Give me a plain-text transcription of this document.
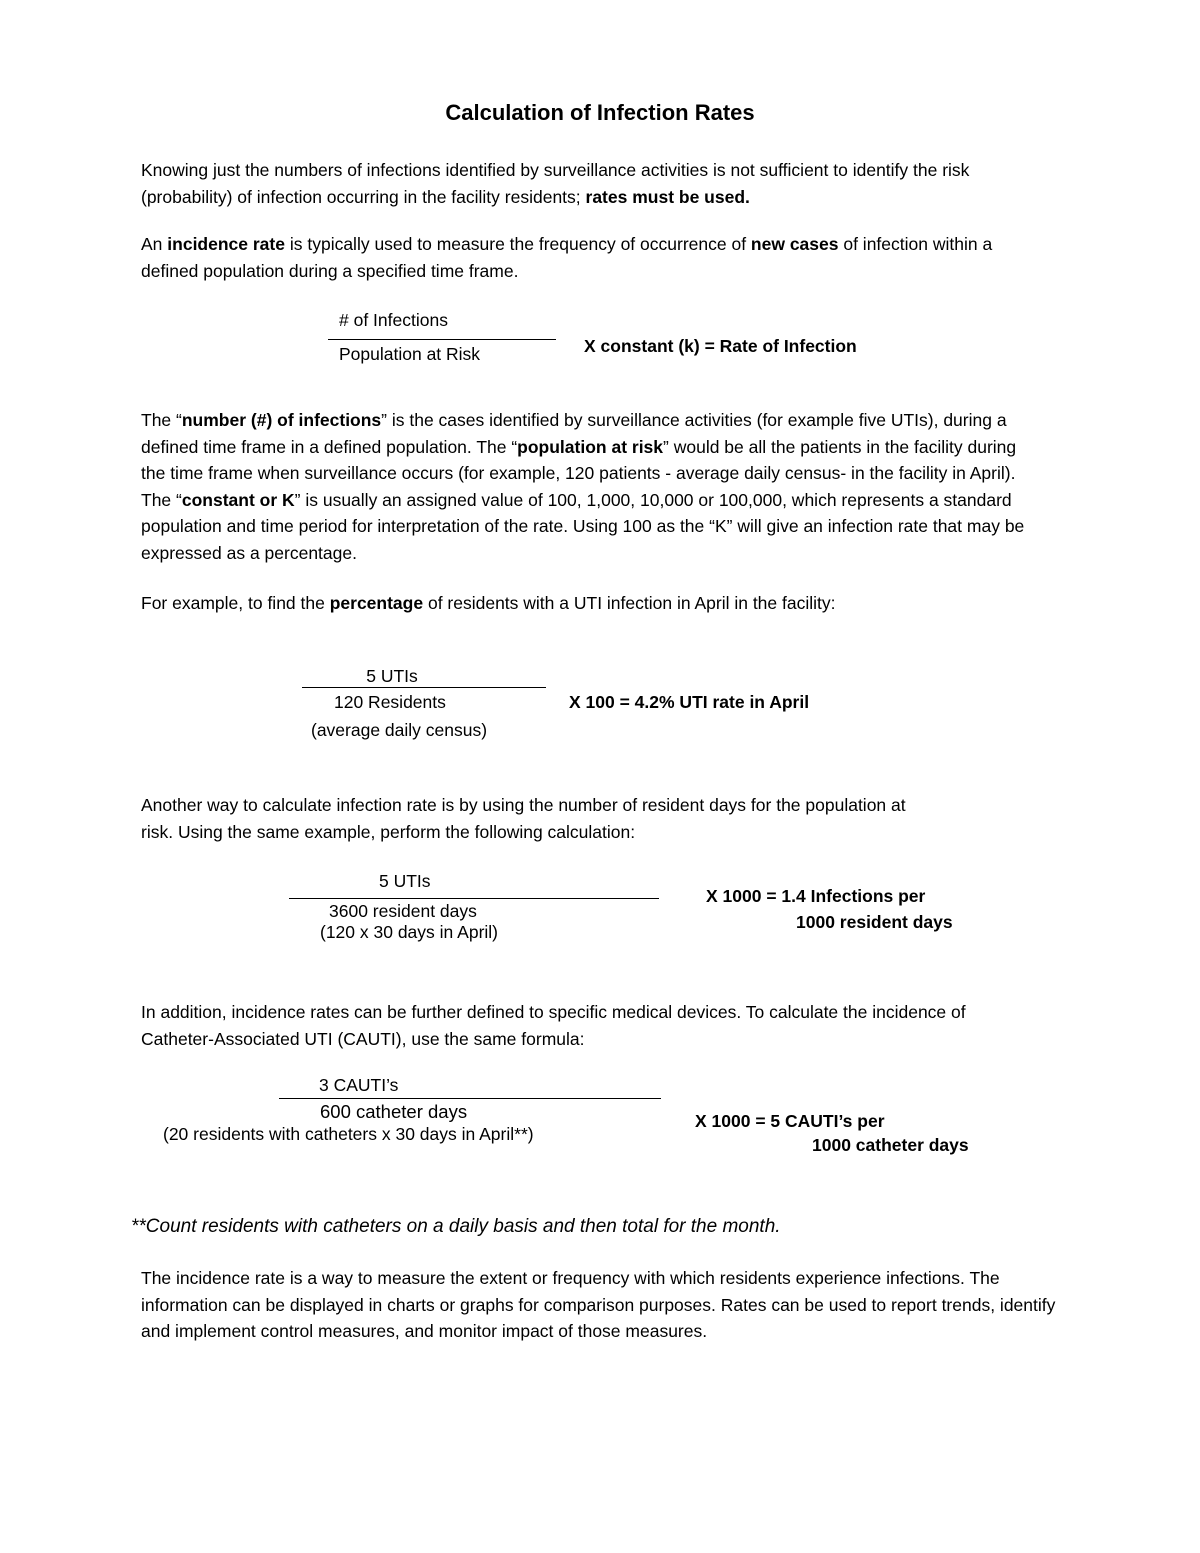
Calculation of Infection Rates
Knowing just the numbers of infections identified by surveillance activities is not sufficient to identify the risk (probability) of infection occurring in the facility residents; rates must be used.
An incidence rate is typically used to measure the frequency of occurrence of new cases of infection within a defined population during a specified time frame.
# of Infections
Population at Risk	X constant (k) = Rate of Infection
The “number (#) of infections” is the cases identified by surveillance activities (for example five UTIs), during a defined time frame in a defined population. The “population at risk” would be all the patients in the facility during the time frame when surveillance occurs (for example, 120 patients - average daily census- in the facility in April). The “constant or K” is usually an assigned value of 100, 1,000, 10,000 or 100,000, which represents a standard population and time period for interpretation of the rate. Using 100 as the “K” will give an infection rate that may be expressed as a percentage.
For example, to find the percentage of residents with a UTI infection in April in the facility:
5 UTIs
120 Residents
(average daily census)
X 100 = 4.2% UTI rate in April
Another way to calculate infection rate is by using the number of resident days for the population at risk. Using the same example, perform the following calculation:
5 UTIs
3600 resident days
(120 x 30 days in April)
X 1000 = 1.4 Infections per
1000 resident days
In addition, incidence rates can be further defined to specific medical devices. To calculate the incidence of Catheter-Associated UTI (CAUTI), use the same formula:
3 CAUTI’s
600 catheter days
(20 residents with catheters x 30 days in April**)
X 1000 = 5 CAUTI’s per
1000 catheter days
**Count residents with catheters on a daily basis and then total for the month.
The incidence rate is a way to measure the extent or frequency with which residents experience infections. The information can be displayed in charts or graphs for comparison purposes. Rates can be used to report trends, identify and implement control measures, and monitor impact of those measures.
